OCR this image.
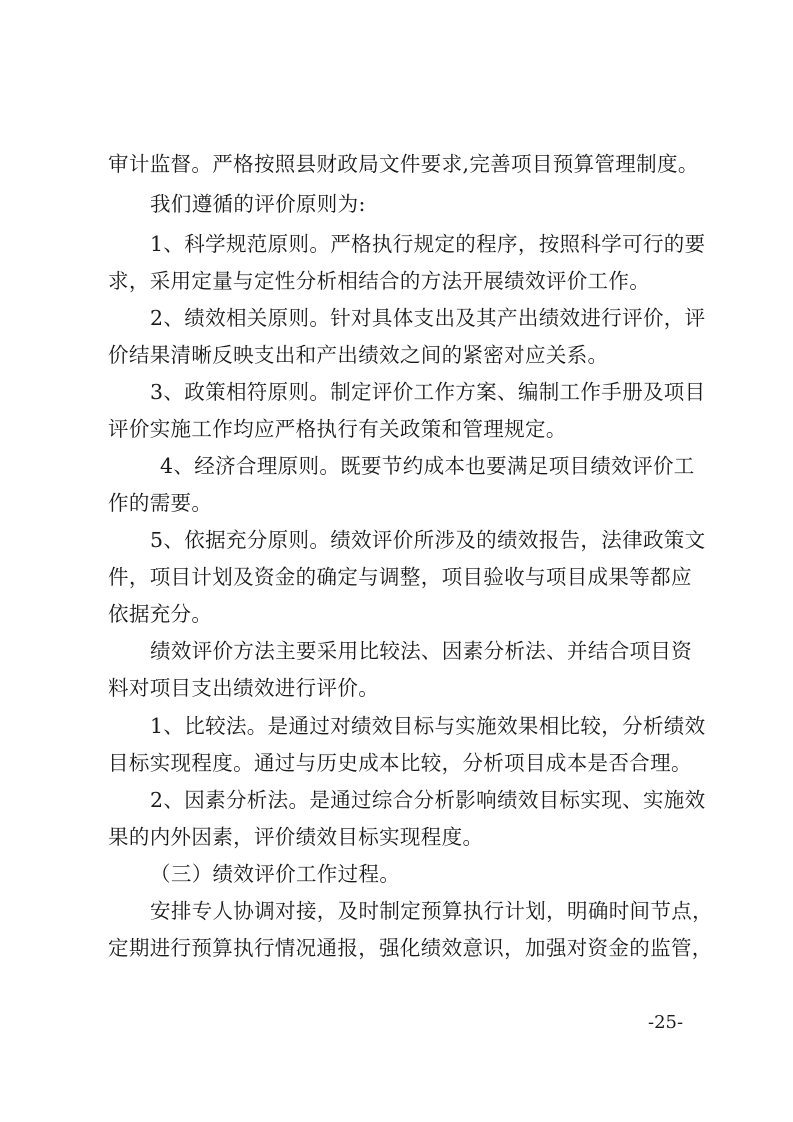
审计监督。严格按照县财政局文件要求,完善项目预算管理制度。
我们遵循的评价原则为:
1、科学规范原则。严格执行规定的程序，按照科学可行的要
求，采用定量与定性分析相结合的方法开展绩效评价工作。
2、绩效相关原则。针对具体支出及其产出绩效进行评价，评
价结果清晰反映支出和产出绩效之间的紧密对应关系。
3、政策相符原则。制定评价工作方案、编制工作手册及项目
评价实施工作均应严格执行有关政策和管理规定。
4、经济合理原则。既要节约成本也要满足项目绩效评价工
作的需要。
5、依据充分原则。绩效评价所涉及的绩效报告，法律政策文
件，项目计划及资金的确定与调整，项目验收与项目成果等都应
依据充分。
绩效评价方法主要采用比较法、因素分析法、并结合项目资
料对项目支出绩效进行评价。
1、比较法。是通过对绩效目标与实施效果相比较，分析绩效
目标实现程度。通过与历史成本比较，分析项目成本是否合理。
2、因素分析法。是通过综合分析影响绩效目标实现、实施效
果的内外因素，评价绩效目标实现程度。
（三）绩效评价工作过程。
安排专人协调对接，及时制定预算执行计划，明确时间节点，
定期进行预算执行情况通报，强化绩效意识，加强对资金的监管，
-25-
